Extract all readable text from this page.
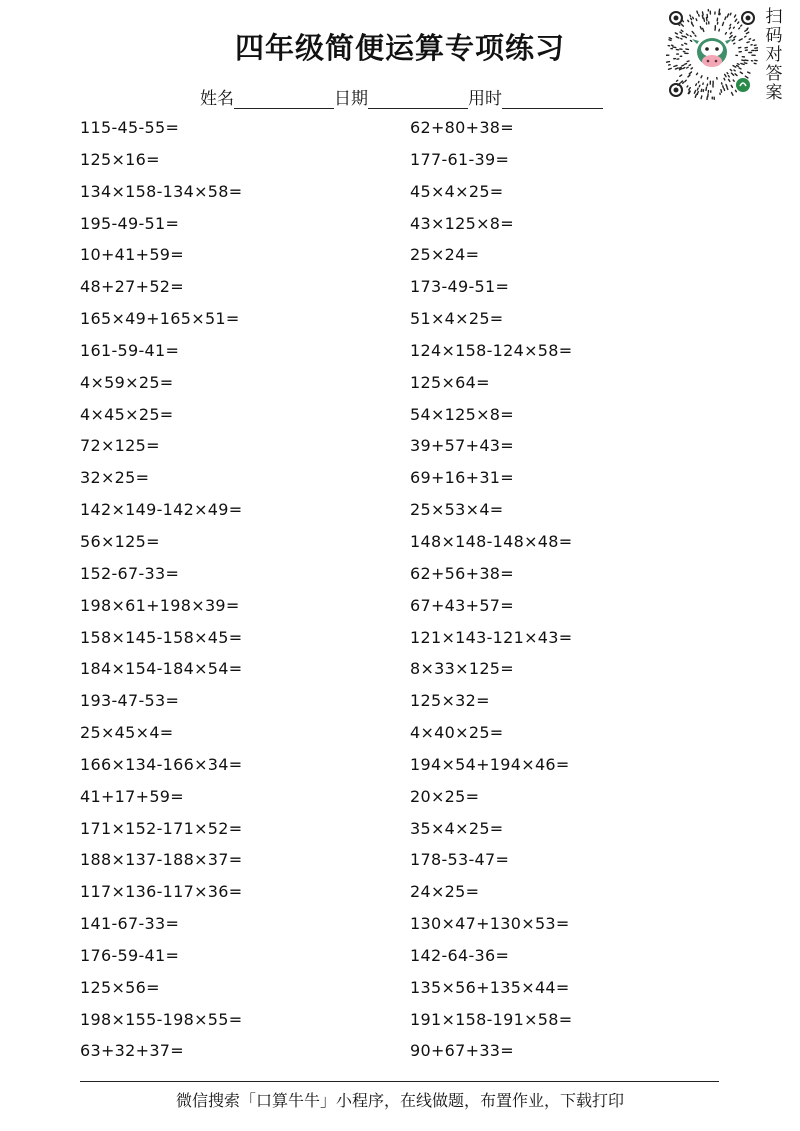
四年级简便运算专项练习
姓名	日期	用时
扫
码
对
答
案
115-45-55=
125×16=
134×158-134×58=
195-49-51=
10+41+59=
48+27+52=
165×49+165×51=
161-59-41=
4×59×25=
4×45×25=
72×125=
32×25=
142×149-142×49=
56×125=
152-67-33=
198×61+198×39=
158×145-158×45=
184×154-184×54=
193-47-53=
25×45×4=
166×134-166×34=
41+17+59=
171×152-171×52=
188×137-188×37=
117×136-117×36=
141-67-33=
176-59-41=
125×56=
198×155-198×55=
63+32+37=
62+80+38=
177-61-39=
45×4×25=
43×125×8=
25×24=
173-49-51=
51×4×25=
124×158-124×58=
125×64=
54×125×8=
39+57+43=
69+16+31=
25×53×4=
148×148-148×48=
62+56+38=
67+43+57=
121×143-121×43=
8×33×125=
125×32=
4×40×25=
194×54+194×46=
20×25=
35×4×25=
178-53-47=
24×25=
130×47+130×53=
142-64-36=
135×56+135×44=
191×158-191×58=
90+67+33=
微信搜索「口算牛牛」小程序，在线做题，布置作业，下载打印
